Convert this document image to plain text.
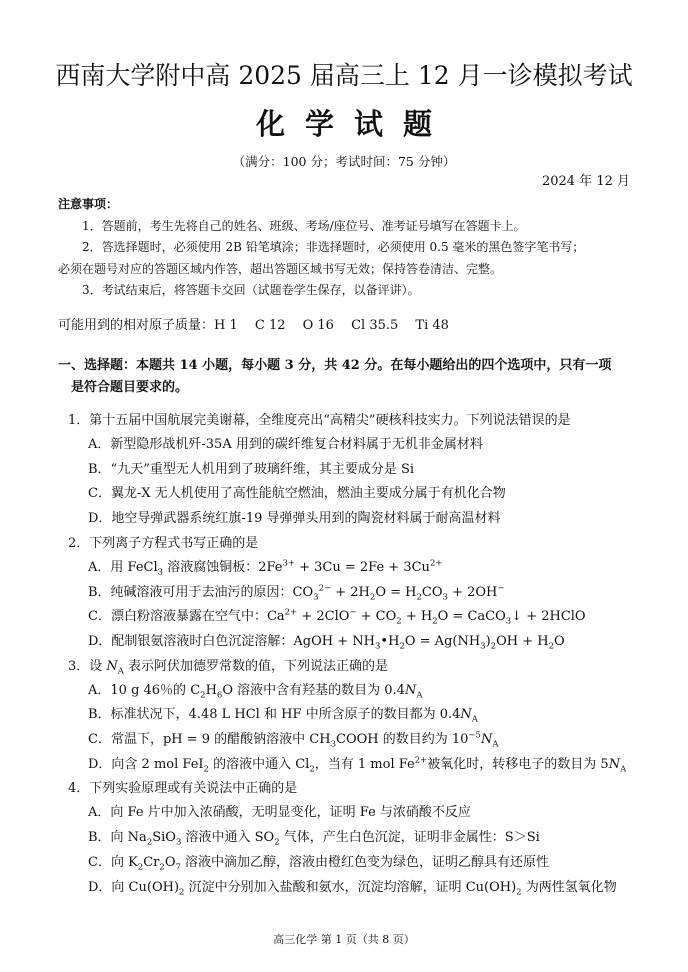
西南大学附中高 2025 届高三上 12 月一诊模拟考试
化学试题
（满分：100 分；考试时间：75 分钟）
2024 年 12 月
注意事项：
1．答题前，考生先将自己的姓名、班级、考场/座位号、准考证号填写在答题卡上。
2．答选择题时，必须使用 2B 铅笔填涂；非选择题时，必须使用 0.5 毫米的黑色签字笔书写；
必须在题号对应的答题区域内作答，超出答题区域书写无效；保持答卷清洁、完整。
3．考试结束后，将答题卡交回（试题卷学生保存，以备评讲）。
可能用到的相对原子质量：H 1　 C 12　 O 16　 Cl 35.5　 Ti 48
一、选择题：本题共 14 小题，每小题 3 分，共 42 分。在每小题给出的四个选项中，只有一项
是符合题目要求的。
1．第十五届中国航展完美谢幕，全维度亮出“高精尖”硬核科技实力。下列说法错误的是
A．新型隐形战机歼-35A 用到的碳纤维复合材料属于无机非金属材料
B．“九天”重型无人机用到了玻璃纤维，其主要成分是 Si
C．翼龙-X 无人机使用了高性能航空燃油，燃油主要成分属于有机化合物
D．地空导弹武器系统红旗-19 导弹弹头用到的陶瓷材料属于耐高温材料
2．下列离子方程式书写正确的是
A．用 FeCl$_3$ 溶液腐蚀铜板：$2Fe^{3+} + 3Cu = 2Fe + 3Cu^{2+}$
B．纯碱溶液可用于去油污的原因：$CO_3^{2-} + 2H_2O = H_2CO_3 + 2OH^-$
C．漂白粉溶液暴露在空气中：$Ca^{2+} + 2ClO^- + CO_2 + H_2O$ = CaCO$_3$↓ + 2HClO
D．配制银氨溶液时白色沉淀溶解：AgOH + $NH_3•H_2O = Ag(NH_3)_2OH + H_2O$
3．设 $N_A$ 表示阿伏加德罗常数的值，下列说法正确的是
A．10 g 46％的 $C_2H_6O$ 溶液中含有羟基的数目为 $0.4N_A$
B．标准状况下，4.48 L HCl 和 HF 中所含原子的数目都为 $0.4N_A$
C．常温下，pH = 9 的醋酸钠溶液中 $CH_3COOH$ 的数目约为 $10^{-5}N_A$
D．向含 2 mol FeI$_2$ 的溶液中通入 $Cl_2$，当有 1 mol $Fe^{2+}$被氧化时，转移电子的数目为 $5N_A$
4．下列实验原理或有关说法中正确的是
A．向 Fe 片中加入浓硝酸，无明显变化，证明 Fe 与浓硝酸不反应
B．向 $Na_2SiO_3$ 溶液中通入 $SO_2$ 气体，产生白色沉淀，证明非金属性：S＞Si
C．向 $K_2Cr_2O_7$ 溶液中滴加乙醇，溶液由橙红色变为绿色，证明乙醇具有还原性
D．向 $Cu(OH)_2$ 沉淀中分别加入盐酸和氨水，沉淀均溶解，证明 $Cu(OH)_2$ 为两性氢氧化物
高三化学 第 1 页（共 8 页）
